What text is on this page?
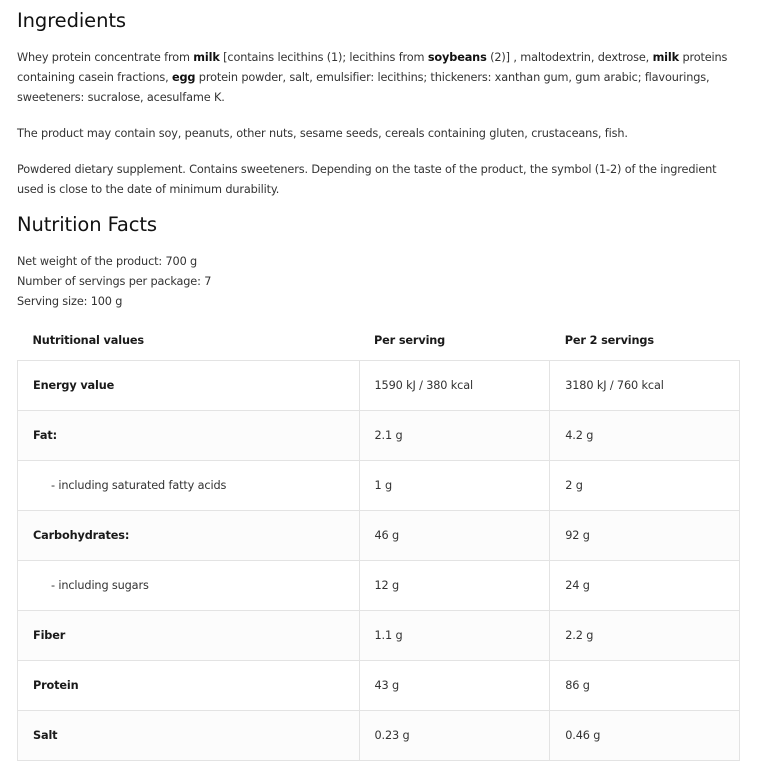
Ingredients

Whey protein concentrate from milk [contains lecithins (1); lecithins from soybeans (2)] , maltodextrin, dextrose, milk proteins containing casein fractions, egg protein powder, salt, emulsifier: lecithins; thickeners: xanthan gum, gum arabic; flavourings, sweeteners: sucralose, acesulfame K.

The product may contain soy, peanuts, other nuts, sesame seeds, cereals containing gluten, crustaceans, fish.

Powdered dietary supplement. Contains sweeteners. Depending on the taste of the product, the symbol (1-2) of the ingredient used is close to the date of minimum durability.

Nutrition Facts
Net weight of the product: 700 g
Number of servings per package: 7
Serving size: 100 g
Nutritional values	Per serving	Per 2 servings
Energy value	1590 kJ / 380 kcal	3180 kJ / 760 kcal
Fat:	2.1 g	4.2 g
- including saturated fatty acids	1 g	2 g
Carbohydrates:	46 g	92 g
- including sugars	12 g	24 g
Fiber	1.1 g	2.2 g
Protein	43 g	86 g
Salt	0.23 g	0.46 g
